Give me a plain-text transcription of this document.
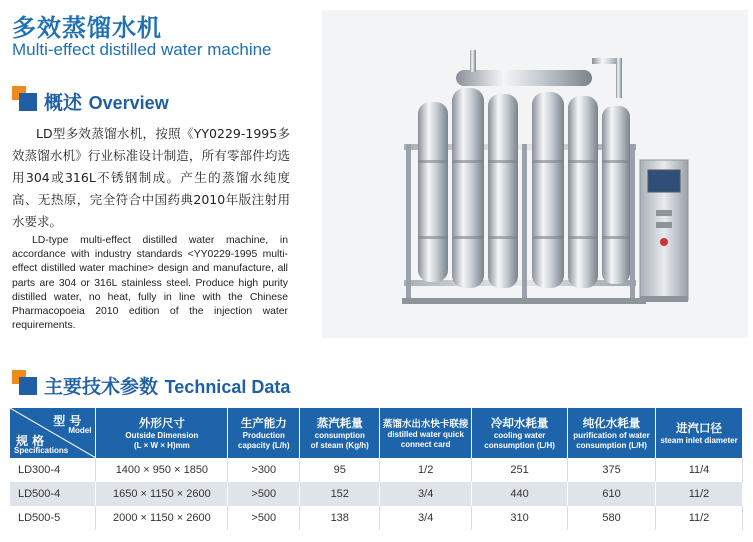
多效蒸馏水机
Multi-effect distilled water machine
概述 Overview
LD型多效蒸馏水机，按照《YY0229-1995多效蒸馏水机》行业标准设计制造，所有零部件均选用304或316L不锈钢制成。产生的蒸馏水纯度高、无热原，完全符合中国药典2010年版注射用水要求。
LD-type multi-effect distilled water machine, in accordance with industry standards <YY0229-1995 multi-effect distilled water machine> design and manufacture, all parts are 304 or 316L stainless steel. Produce high purity distilled water, no heat, fully in line with the Chinese Pharmacopoeia 2010 edition of the injection water requirements.
主要技术参数 Technical Data
型 号
Model
规 格
Specifications	外形尺寸
Outside Dimension
(L × W × H)mm	生产能力
Production
capacity (L/h)	蒸汽耗量
consumption
of steam (Kg/h)	蒸馏水出水快卡联接
distilled water quick
connect card	冷却水耗量
cooling water
consumption (L/H)	纯化水耗量
purification of water
consumption (L/H)	进汽口径
steam inlet diameter

LD300-4	1400 × 950 × 1850	>300	95	1/2	251	375	11/4
LD500-4	1650 × 1150 × 2600	>500	152	3/4	440	610	11/2
LD500-5	2000 × 1150 × 2600	>500	138	3/4	310	580	11/2
